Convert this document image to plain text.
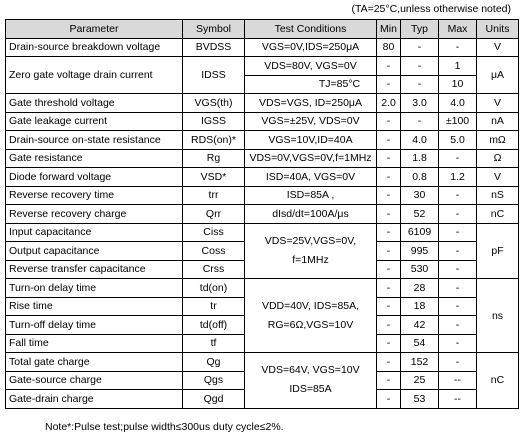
(TA=25°C,unless otherwise noted)
Parameter	Symbol	Test Conditions	Min	Typ	Max	Units
Drain-source breakdown voltage	BVDSS	VGS=0V,IDS=250μA	80	-	-	V
Zero gate voltage drain current	IDSS	VDS=80V, VGS=0V	-	-	1	μA
		TJ=85°C	-	-	10	
Gate threshold voltage	VGS(th)	VDS=VGS, ID=250μA	2.0	3.0	4.0	V
Gate leakage current	IGSS	VGS=±25V, VDS=0V	-	-	±100	nA
Drain-source on-state resistance	RDS(on)*	VGS=10V,ID=40A	-	4.0	5.0	mΩ
Gate resistance	Rg	VDS=0V,VGS=0V,f=1MHz	-	1.8	-	Ω
Diode forward voltage	VSD*	ISD=40A, VGS=0V	-	0.8	1.2	V
Reverse recovery time	trr	ISD=85A ,	-	30	-	nS
Reverse recovery charge	Qrr	dIsd/dt=100A/μs	-	52	-	nC
Input capacitance	Ciss	VDS=25V,VGS=0V, f=1MHz	-	6109	-	pF
Output capacitance	Coss		-	995	-	
Reverse transfer capacitance	Crss		-	530	-	
Turn-on delay time	td(on)	VDD=40V, IDS=85A, RG=6Ω,VGS=10V	-	28	-	ns
Rise time	tr		-	18	-	
Turn-off delay time	td(off)		-	42	-	
Fall time	tf		-	54	-	
Total gate charge	Qg	VDS=64V, VGS=10V IDS=85A	-	152	-	nC
Gate-source charge	Qgs		-	25	--	
Gate-drain charge	Qgd		-	53	--	
Note*:Pulse test;pulse width≤300us duty cycle≤2%.
